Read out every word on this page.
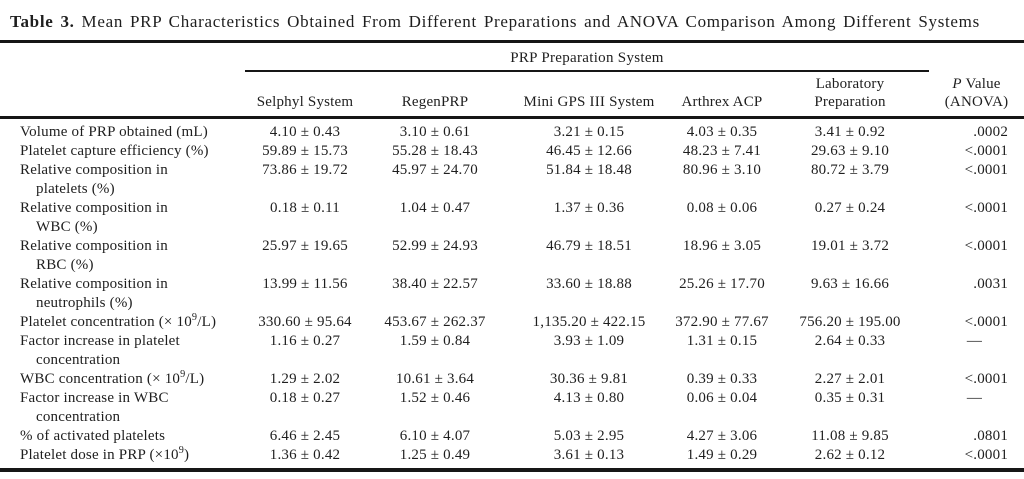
Table 3. Mean PRP Characteristics Obtained From Different Preparations and ANOVA Comparison Among Different Systems
	PRP Preparation System					

	Selphyl System	RegenPRP	Mini GPS III System	Arthrex ACP	Laboratory
Preparation	P Value
(ANOVA)

Volume of PRP obtained (mL)	4.10 ± 0.43	3.10 ± 0.61	3.21 ± 0.15	4.03 ± 0.35	3.41 ± 0.92	.0002

Platelet capture efficiency (%)	59.89 ± 15.73	55.28 ± 18.43	46.45 ± 12.66	48.23 ± 7.41	29.63 ± 9.10	<.0001

Relative composition in
platelets (%)	73.86 ± 19.72	45.97 ± 24.70	51.84 ± 18.48	80.96 ± 3.10	80.72 ± 3.79	<.0001

Relative composition in
WBC (%)	0.18 ± 0.11	1.04 ± 0.47	1.37 ± 0.36	0.08 ± 0.06	0.27 ± 0.24	<.0001

Relative composition in
RBC (%)	25.97 ± 19.65	52.99 ± 24.93	46.79 ± 18.51	18.96 ± 3.05	19.01 ± 3.72	<.0001

Relative composition in
neutrophils (%)	13.99 ± 11.56	38.40 ± 22.57	33.60 ± 18.88	25.26 ± 17.70	9.63 ± 16.66	.0031

Platelet concentration (× $10^9/L$)	330.60 ± 95.64	453.67 ± 262.37	1,135.20 ± 422.15	372.90 ± 77.67	756.20 ± 195.00	<.0001

Factor increase in platelet
concentration	1.16 ± 0.27	1.59 ± 0.84	3.93 ± 1.09	1.31 ± 0.15	2.64 ± 0.33	—

WBC concentration (× $10^9/L$)	1.29 ± 2.02	10.61 ± 3.64	30.36 ± 9.81	0.39 ± 0.33	2.27 ± 2.01	<.0001

Factor increase in WBC
concentration	0.18 ± 0.27	1.52 ± 0.46	4.13 ± 0.80	0.06 ± 0.04	0.35 ± 0.31	—

% of activated platelets	6.46 ± 2.45	6.10 ± 4.07	5.03 ± 2.95	4.27 ± 3.06	11.08 ± 9.85	.0801

Platelet dose in PRP $(\times 10^9)$	1.36 ± 0.42	1.25 ± 0.49	3.61 ± 0.13	1.49 ± 0.29	2.62 ± 0.12	<.0001
